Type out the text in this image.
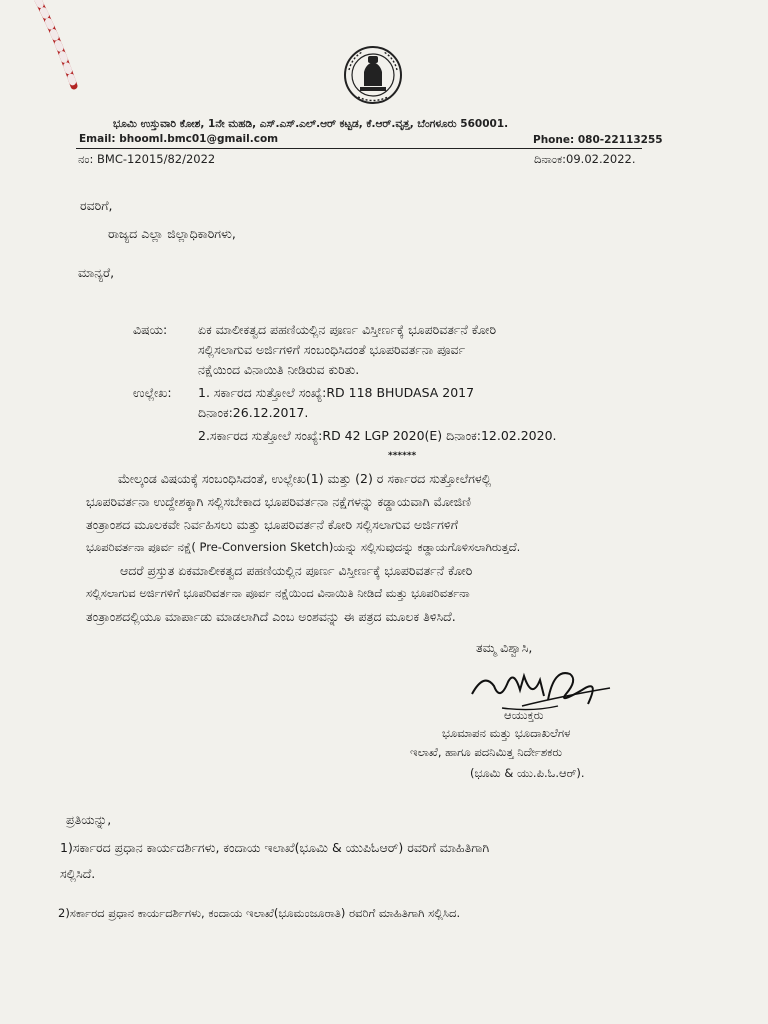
ಭೂಮಿ ಉಸ್ತುವಾರಿ ಕೋಶ, 1ನೇ ಮಹಡಿ, ಎಸ್.ಎಸ್.ಎಲ್.ಆರ್ ಕಟ್ಟಡ, ಕೆ.ಆರ್.ವೃತ್ತ, ಬೆಂಗಳೂರು 560001.
Email: bhooml.bmc01@gmail.com	Phone: 080-22113255
ನಂ: BMC-12015/82/2022	ದಿನಾಂಕ:09.02.2022.
ರವರಿಗೆ,
ರಾಜ್ಯದ ಎಲ್ಲಾ ಜಿಲ್ಲಾಧಿಕಾರಿಗಳು,
ಮಾನ್ಯರೆ,
ವಿಷಯ: ಏಕ ಮಾಲೀಕತ್ವದ ಪಹಣಿಯಲ್ಲಿನ ಪೂರ್ಣ ವಿಸ್ತೀರ್ಣಕ್ಕೆ ಭೂಪರಿವರ್ತನೆ ಕೋರಿ
ಸಲ್ಲಿಸಲಾಗುವ ಅರ್ಜಿಗಳಿಗೆ ಸಂಬಂಧಿಸಿದಂತೆ ಭೂಪರಿವರ್ತನಾ ಪೂರ್ವ
ನಕ್ಷೆಯಿಂದ ವಿನಾಯಿತಿ ನೀಡಿರುವ ಕುರಿತು.
ಉಲ್ಲೇಖ: 1. ಸರ್ಕಾರದ ಸುತ್ತೋಲೆ ಸಂಖ್ಯೆ:RD 118 BHUDASA 2017
ದಿನಾಂಕ:26.12.2017.
2.ಸರ್ಕಾರದ ಸುತ್ತೋಲೆ ಸಂಖ್ಯೆ:RD 42 LGP 2020(E) ದಿನಾಂಕ:12.02.2020.
******
ಮೇಲ್ಕಂಡ ವಿಷಯಕ್ಕೆ ಸಂಬಂಧಿಸಿದಂತೆ, ಉಲ್ಲೇಖ(1) ಮತ್ತು (2) ರ ಸರ್ಕಾರದ ಸುತ್ತೋಲೆಗಳಲ್ಲಿ
ಭೂಪರಿವರ್ತನಾ ಉದ್ದೇಶಕ್ಕಾಗಿ ಸಲ್ಲಿಸಬೇಕಾದ ಭೂಪರಿವರ್ತನಾ ನಕ್ಷೆಗಳನ್ನು ಕಡ್ಡಾಯವಾಗಿ ಮೋಜಿಣಿ
ತಂತ್ರಾಂಶದ ಮೂಲಕವೇ ನಿರ್ವಹಿಸಲು ಮತ್ತು ಭೂಪರಿವರ್ತನೆ ಕೋರಿ ಸಲ್ಲಿಸಲಾಗುವ ಅರ್ಜಿಗಳಿಗೆ
ಭೂಪರಿವರ್ತನಾ ಪೂರ್ವ ನಕ್ಷೆ( Pre-Conversion Sketch)ಯನ್ನು ಸಲ್ಲಿಸುವುದನ್ನು ಕಡ್ಡಾಯಗೊಳಿಸಲಾಗಿರುತ್ತದೆ.
ಆದರೆ ಪ್ರಸ್ತುತ ಏಕಮಾಲೀಕತ್ವದ ಪಹಣಿಯಲ್ಲಿನ ಪೂರ್ಣ ವಿಸ್ತೀರ್ಣಕ್ಕೆ ಭೂಪರಿವರ್ತನೆ ಕೋರಿ
ಸಲ್ಲಿಸಲಾಗುವ ಅರ್ಜಿಗಳಿಗೆ ಭೂಪರಿವರ್ತನಾ ಪೂರ್ವ ನಕ್ಷೆಯಿಂದ ವಿನಾಯಿತಿ ನೀಡಿದೆ ಮತ್ತು ಭೂಪರಿವರ್ತನಾ
ತಂತ್ರಾಂಶದಲ್ಲಿಯೂ ಮಾರ್ಪಾಡು ಮಾಡಲಾಗಿದೆ ಎಂಬ ಅಂಶವನ್ನು ಈ ಪತ್ರದ ಮೂಲಕ ತಿಳಿಸಿದೆ.
ತಮ್ಮ ವಿಶ್ವಾಸಿ,
ಆಯುಕ್ತರು
ಭೂಮಾಪನ ಮತ್ತು ಭೂದಾಖಲೆಗಳ
ಇಲಾಖೆ, ಹಾಗೂ ಪದನಿಮಿತ್ತ ನಿರ್ದೇಶಕರು
(ಭೂಮಿ & ಯು.ಪಿ.ಓ.ಆರ್).
ಪ್ರತಿಯನ್ನು,
1)ಸರ್ಕಾರದ ಪ್ರಧಾನ ಕಾರ್ಯದರ್ಶಿಗಳು, ಕಂದಾಯ ಇಲಾಖೆ(ಭೂಮಿ & ಯುಪಿಓಆರ್) ರವರಿಗೆ ಮಾಹಿತಿಗಾಗಿ
ಸಲ್ಲಿಸಿದೆ.
2)ಸರ್ಕಾರದ ಪ್ರಧಾನ ಕಾರ್ಯದರ್ಶಿಗಳು, ಕಂದಾಯ ಇಲಾಖೆ(ಭೂಮಂಜೂರಾತಿ) ರವರಿಗೆ ಮಾಹಿತಿಗಾಗಿ ಸಲ್ಲಿಸಿದ.
